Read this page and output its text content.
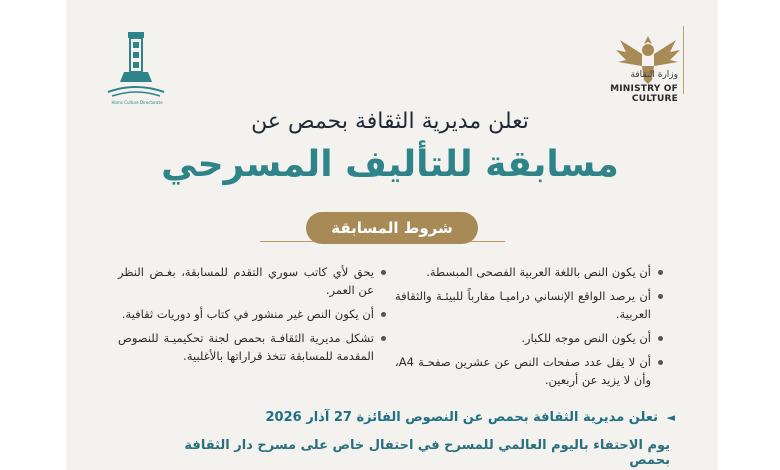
Homs Culture Directorate
وزارة الثقافة
MINISTRY OF CULTURE
تعلن مديرية الثقافة بحمص عن
مسابقة للتأليف المسرحي
شروط المسابقة
أن يكون النص باللغة العربية الفصحى المبسطة.
أن يرصد الواقع الإنساني دراميـا مقارباً للبيئـة والثقافة العربية.
أن يكون النص موجه للكبار.
أن لا يقل عدد صفحات النص عن عشرين صفحـة A4، وأن لا يزيد عن أربعين.
يحق لأي كاتب سوري التقدم للمسابقة، بغـض النظر عن العمر.
أن يكون النص غير منشور في كتاب أو دوريات ثقافية.
تشكل مديرية الثقافـة بحمص لجنة تحكيميـة للنصوص المقدمة للمسابقة تتخذ قراراتها بالأغلبية.
◄ تعلن مديرية الثقافة بحمص عن النصوص الفائزة 27 آذار 2026
يوم الاحتفاء باليوم العالمي للمسرح في احتفال خاص على مسرح دار الثقافة بحمص
